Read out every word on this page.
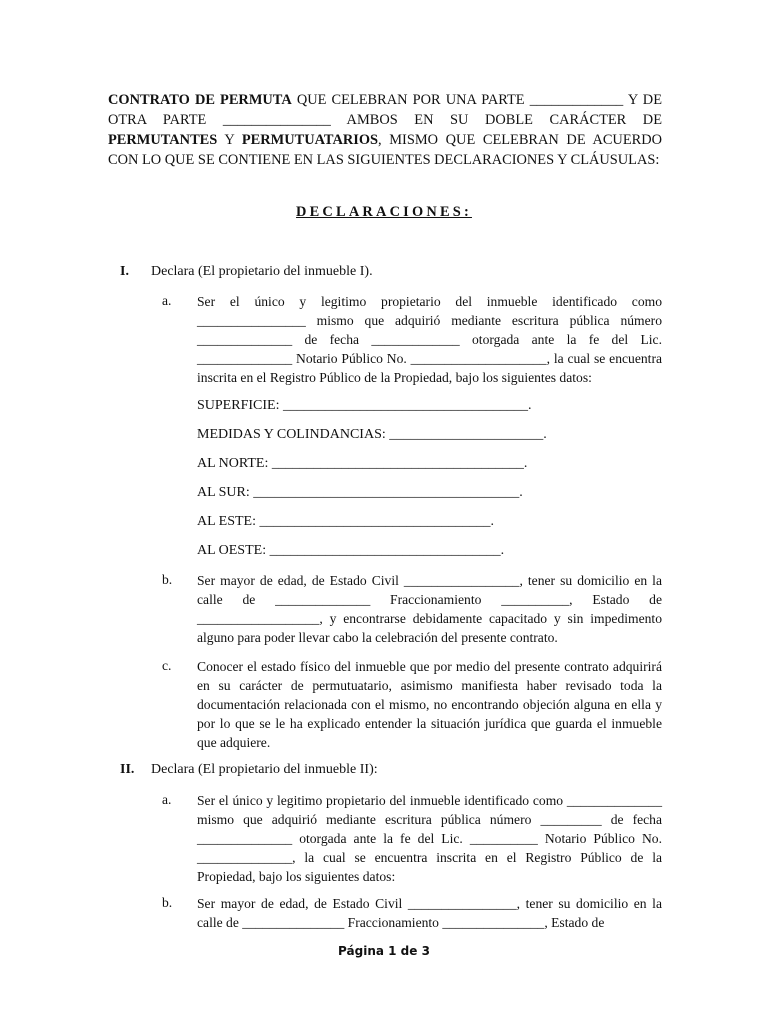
CONTRATO DE PERMUTA QUE CELEBRAN POR UNA PARTE _____________ Y DE OTRA PARTE _______________ AMBOS EN SU DOBLE CARÁCTER DE PERMUTANTES Y PERMUTUATARIOS, MISMO QUE CELEBRAN DE ACUERDO CON LO QUE SE CONTIENE EN LAS SIGUIENTES DECLARACIONES Y CLÁUSULAS:
DECLARACIONES:
I. Declara (El propietario del inmueble I).
a. Ser el único y legitimo propietario del inmueble identificado como ________________ mismo que adquirió mediante escritura pública número ______________ de fecha _____________ otorgada ante la fe del Lic. ______________ Notario Público No. ____________________, la cual se encuentra inscrita en el Registro Público de la Propiedad, bajo los siguientes datos:
SUPERFICIE: ___________________________________.
MEDIDAS Y COLINDANCIAS: ______________________.
AL NORTE: ____________________________________.
AL SUR: ______________________________________.
AL ESTE: _________________________________.
AL OESTE: _________________________________.
b. Ser mayor de edad, de Estado Civil _________________, tener su domicilio en la calle de ______________ Fraccionamiento __________, Estado de __________________, y encontrarse debidamente capacitado y sin impedimento alguno para poder llevar cabo la celebración del presente contrato.
c. Conocer el estado físico del inmueble que por medio del presente contrato adquirirá en su carácter de permutuatario, asimismo manifiesta haber revisado toda la documentación relacionada con el mismo, no encontrando objeción alguna en ella y por lo que se le ha explicado entender la situación jurídica que guarda el inmueble que adquiere.
II. Declara (El propietario del inmueble II):
a. Ser el único y legitimo propietario del inmueble identificado como ______________ mismo que adquirió mediante escritura pública número _________ de fecha ______________ otorgada ante la fe del Lic. __________ Notario Público No. ______________, la cual se encuentra inscrita en el Registro Público de la Propiedad, bajo los siguientes datos:
b. Ser mayor de edad, de Estado Civil ________________, tener su domicilio en la calle de _______________ Fraccionamiento _______________, Estado de
Página 1 de 3
